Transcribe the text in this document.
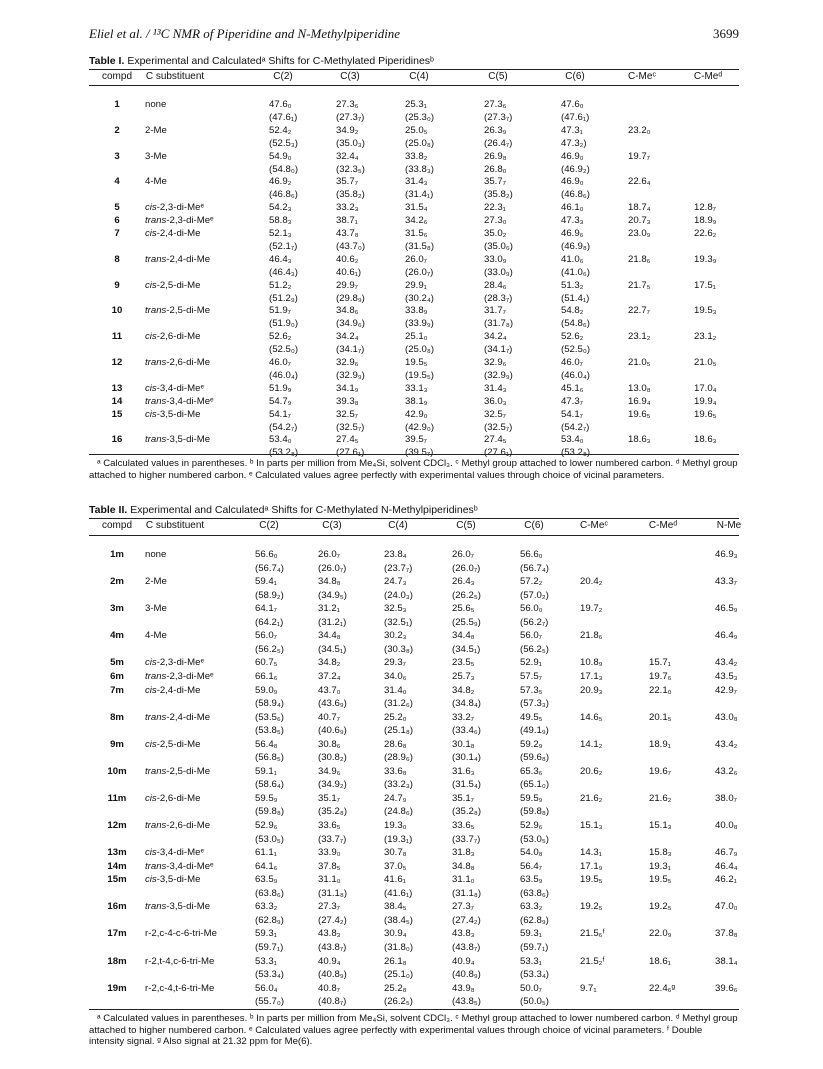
Eliel et al. / ¹³C NMR of Piperidine and N-Methylpiperidine	3699
Table I. Experimental and Calculatedᵃ Shifts for C-Methylated Piperidinesᵇ
compd C substituent	C(2)	C(3)	C(4)	C(5)	C(6)	C-Meᶜ	C-Meᵈ
1	none	47.6₀	27.3₆	25.3₁	27.3₆	47.6₀
(47.6₁)	(27.3₇)	(25.3₀)	(27.3₇)	(47.6₁)
2	2-Me	52.4₂	34.9₂	25.0₅	26.3₉	47.3₁	23.2₀
(52.5₃)	(35.0₃)	(25.0₈)	(26.4₇)	47.3₂)
3	3-Me	54.9₀	32.4₄	33.8₂	26.9₈	46.9₀	19.7₇
(54.8₀)	(32.3₅)	(33.8₃)	26.8₀	(46.9₂)
4	4-Me	46.9₂	35.7₇	31.4₃	35.7₇	46.9₀	22.6₄
(46.8₆)	(35.8₂)	(31.4₁)	(35.8₂)	(46.8₆)
5	cis-2,3-di-Meᵉ	54.2₃	33.2₃	31.5₄	22.3₁	46.1₀	18.7₄	12.8₇
6	trans-2,3-di-Meᵉ	58.8₃	38.7₁	34.2₆	27.3₀	47.3₃	20.7₃	18.9₉
7	cis-2,4-di-Me	52.1₃	43.7₈	31.5₆	35.0₂	46.9₆	23.0₉	22.6₂
(52.1₇)	(43.7₀)	(31.5₈)	(35.0₆)	(46.9₈)
8	trans-2,4-di-Me	46.4₃	40.6₂	26.0₇	33.0₉	41.0₆	21.8₆	19.3₉
(46.4₃)	40.6₁)	(26.0₇)	(33.0₉)	(41.0₆)
9	cis-2,5-di-Me	51.2₂	29.9₇	29.9₁	28.4₆	51.3₂	21.7₅	17.5₁
(51.2₉)	(29.8₉)	(30.2₄)	(28.3₇)	(51.4₁)
10 trans-2,5-di-Me	51.9₇	34.8₆	33.8₉	31.7₇	54.8₂	22.7₇	19.5₃
(51.9₀)	(34.9₆)	(33.9₉)	(31.7₈)	(54.8₆)
11 cis-2,6-di-Me	52.6₂	34.2₄	25.1₀	34.2₄	52.6₂	23.1₂	23.1₂
(52.5₀)	(34.1₇)	(25.0₈)	(34.1₇)	(52.5₀)
12 trans-2,6-di-Me	46.0₇	32.9₆	19.5₅	32.9₆	46.0₇	21.0₅	21.0₅
(46.0₄)	(32.9₉)	(19.5₅)	(32.9₉)	(46.0₄)
13 cis-3,4-di-Meᵉ	51.9₉	34.1₉	33.1₃	31.4₃	45.1₆	13.0₈	17.0₄
14 trans-3,4-di-Meᵉ	54.7₉	39.3₈	38.1₉	36.0₃	47.3₇	16.9₄	19.9₄
15 cis-3,5-di-Me	54.1₇	32.5₇	42.9₀	32.5₇	54.1₇	19.6₅	19.6₅
(54.2₇)	(32.5₇)	(42.9₀)	(32.5₇)	(54.2₇)
16 trans-3,5-di-Me	53.4₀	27.4₅	39.5₇	27.4₅	53.4₀	18.6₃	18.6₃
(53.2₈)	(27.6₁)	(39.5₇)	(27.6₁)	(53.2₈)
ᵃ Calculated values in parentheses. ᵇ In parts per million from Me₄Si, solvent CDCl₃. ᶜ Methyl group attached to lower numbered carbon. ᵈ Methyl group attached to higher numbered carbon. ᵉ Calculated values agree perfectly with experimental values through choice of vicinal parameters.
Table II. Experimental and Calculatedᵃ Shifts for C-Methylated N-Methylpiperidinesᵇ
compd C substituent	C(2)	C(3)	C(4)	C(5)	C(6)	C-Meᶜ	C-Meᵈ	N-Me
1m none	56.6₀	26.0₇	23.8₄	26.0₇	56.6₀	46.9₃
(56.7₄)	(26.0₇)	(23.7₇)	(26.0₇)	(56.7₄)
2m 2-Me	59.4₁	34.8₈	24.7₃	26.4₃	57.2₂	20.4₂	43.3₇
(58.9₂)	(34.9₅)	(24.0₃)	(26.2₅)	(57.0₂)
3m 3-Me	64.1₇	31.2₁	32.5₃	25.6₅	56.0₀	19.7₂	46.5₉
(64.2₁)	(31.2₁)	(32.5₁)	(25.5₉)	(56.2₇)
4m 4-Me	56.0₇	34.4₈	30.2₃	34.4₈	56.0₇	21.8₆	46.4₉
(56.2₅)	(34.5₁)	(30.3₈)	(34.5₁)	(56.2₅)
5m cis-2,3-di-Meᵉ	60.7₅	34.8₂	29.3₇	23.5₅	52.9₁	10.8₉	15.7₁	43.4₂
6m trans-2,3-di-Meᵉ	66.1₆	37.2₄	34.0₆	25.7₃	57.5₇	17.1₃	19.7₆	43.5₃
7m cis-2,4-di-Me	59.0₉	43.7₀	31.4₀	34.8₂	57.3₅	20.9₃	22.1₀	42.9₇
(58.9₄)	(43.6₉)	(31.2₆)	(34.8₄)	(57.3₃)
8m trans-2,4-di-Me	(53.5₆)	40.7₇	25.2₀	33.2₇	49.5₅	14.6₅	20.1₅	43.0₈
(53.8₅)	(40.6₉)	(25.1₈)	(33.4₆)	(49.1₉)
9m cis-2,5-di-Me	56.4₈	30.8₆	28.6₈	30.1₈	59.2₉	14.1₂	18.9₁	43.4₂
(56.8₅)	(30.8₂)	(28.9₆)	(30.1₄)	(59.6₈)
10m trans-2,5-di-Me	59.1₁	34.9₆	33.6₈	31.6₃	65.3₆	20.6₂	19.6₇	43.2₆
(58.6₄)	(34.9₂)	(33.2₃)	(31.5₄)	(65.1₀)
11m cis-2,6-di-Me	59.5₉	35.1₇	24.7₉	35.1₇	59.5₉	21.6₂	21.6₂	38.0₇
(59.8₈)	(35.2₈)	(24.8₆)	(35.2₈)	(59.8₈)
12m trans-2,6-di-Me	52.9₆	33.6₅	19.3₀	33.6₅	52.9₆	15.1₃	15.1₃	40.0₈
(53.0₅)	(33.7₇)	(19.3₁)	(33.7₇)	(53.0₅)
13m cis-3,4-di-Meᵉ	61.1₁	33.9₀	30.7₈	31.8₃	54.0₈	14.3₁	15.8₃	46.7₉
14m trans-3,4-di-Meᵉ	64.1₆	37.8₅	37.0₅	34.8₈	56.4₇	17.1₉	19.3₁	46.4₄
15m cis-3,5-di-Me	63.5₉	31.1₀	41.6₁	31.1₀	63.5₉	19.5₅	19.5₅	46.2₁
(63.8₆)	(31.1₈)	(41.6₁)	(31.1₈)	(63.8₆)
16m trans-3,5-di-Me	63.3₂	27.3₇	38.4₅	27.3₇	63.3₂	19.2₅	19.2₅	47.0₀
(62.8₉)	(27.4₂)	(38.4₅)	(27.4₂)	(62.8₉)
17m r-2,c-4-c-6-tri-Me	59.3₁	43.8₃	30.9₄	43.8₃	59.3₁	21.5₆ᶠ	22.0₉	37.8₈
(59.7₁)	(43.8₇)	(31.8₀)	(43.8₇)	(59.7₁)
18m r-2,t-4,c-6-tri-Me	53.3₁	40.9₄	26.1₈	40.9₄	53.3₁	21.5₂ᶠ	18.6₁	38.1₄
(53.3₄)	(40.8₉)	(25.1₀)	(40.8₉)	(53.3₄)
19m r-2,c-4,t-6-tri-Me	56.0₄	40.8₇	25.2₈	43.9₈	50.0₇	9.7₁	22.4₆ᵍ	39.6₆
(55.7₀)	(40.8₇)	(26.2₅)	(43.8₅)	(50.0₅)
ᵃ Calculated values in parentheses. ᵇ In parts per million from Me₄Si, solvent CDCl₃. ᶜ Methyl group attached to lower numbered carbon. ᵈ Methyl group attached to higher numbered carbon. ᵉ Calculated values agree perfectly with experimental values through choice of vicinal parameters. ᶠ Double intensity signal. ᵍ Also signal at 21.32 ppm for Me(6).
